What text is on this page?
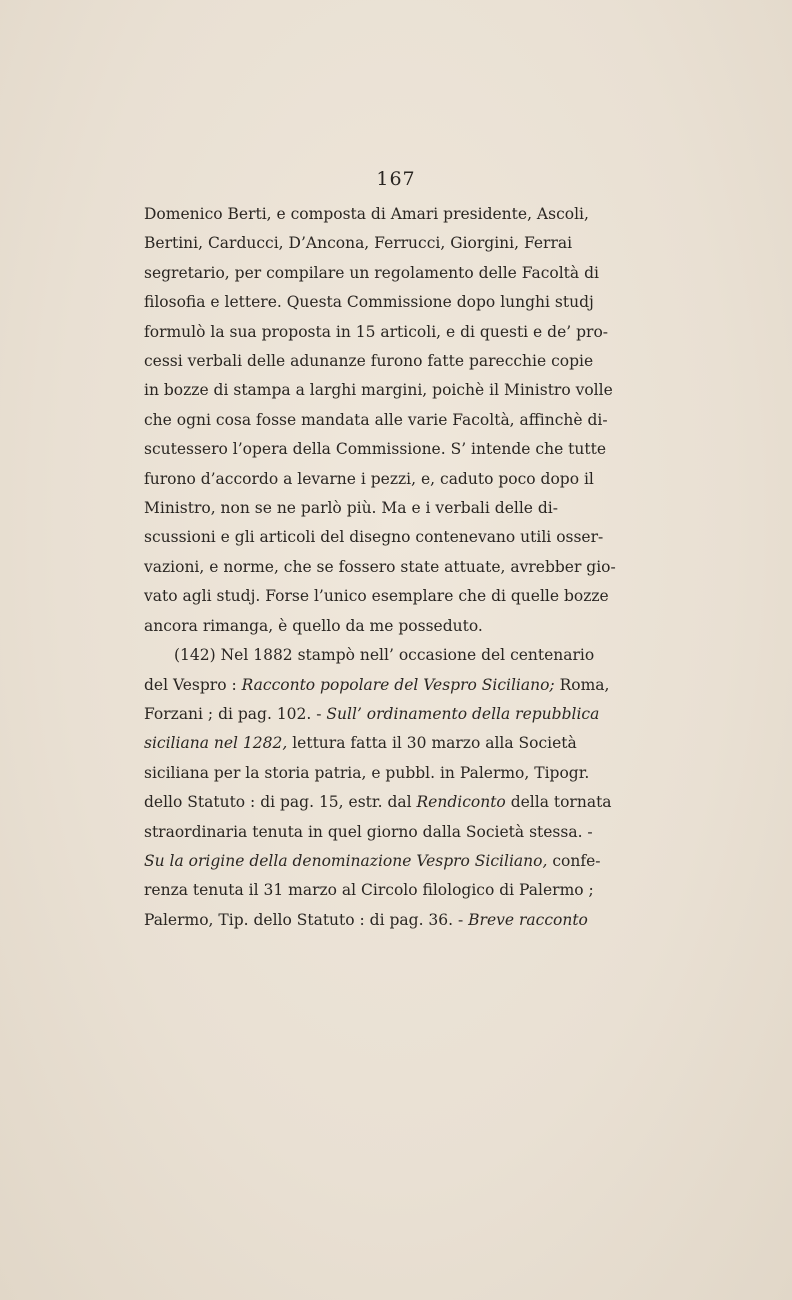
167

Domenico Berti, e composta di Amari presidente, Ascoli,
Bertini, Carducci, D’Ancona, Ferrucci, Giorgini, Ferrai
segretario, per compilare un regolamento delle Facoltà di
filosofia e lettere. Questa Commissione dopo lunghi studj
formulò la sua proposta in 15 articoli, e di questi e de’ pro-
cessi verbali delle adunanze furono fatte parecchie copie
in bozze di stampa a larghi margini, poichè il Ministro volle
che ogni cosa fosse mandata alle varie Facoltà, affinchè di-
scutessero l’opera della Commissione. S’ intende che tutte
furono d’accordo a levarne i pezzi, e, caduto poco dopo il
Ministro, non se ne parlò più. Ma e i verbali delle di-
scussioni e gli articoli del disegno contenevano utili osser-
vazioni, e norme, che se fossero state attuate, avrebber gio-
vato agli studj. Forse l’unico esemplare che di quelle bozze
ancora rimanga, è quello da me posseduto.

(142) Nel 1882 stampò nell’ occasione del centenario
del Vespro : Racconto popolare del Vespro Siciliano; Roma,
Forzani ; di pag. 102. - Sull’ ordinamento della repubblica
siciliana nel 1282, lettura fatta il 30 marzo alla Società
siciliana per la storia patria, e pubbl. in Palermo, Tipogr.
dello Statuto : di pag. 15, estr. dal Rendiconto della tornata
straordinaria tenuta in quel giorno dalla Società stessa. -
Su la origine della denominazione Vespro Siciliano, confe-
renza tenuta il 31 marzo al Circolo filologico di Palermo ;
Palermo, Tip. dello Statuto : di pag. 36. - Breve racconto
